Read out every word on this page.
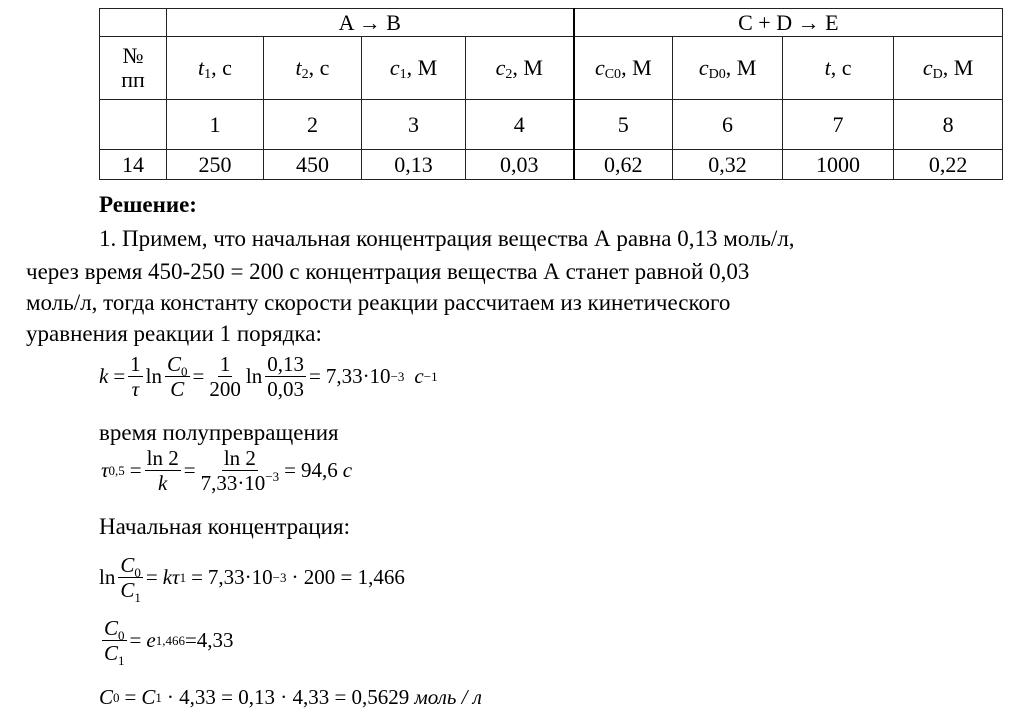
	A → B				C + D → E			
№
пп	$t_1$, с	$t_2$, с	$c_1$, М	$c_2$, М	$c_{C0}$, М	$c_{D0}$, М	t, с	$c_D$, М
	1	2	3	4	5	6	7	8
14	250	450	0,13	0,03	0,62	0,32	1000	0,22
Решение:
1. Примем, что начальная концентрация вещества А равна 0,13 моль/л,
через время 450-250 = 200 с концентрация вещества А станет равной 0,03
моль/л, тогда константу скорости реакции рассчитаем из кинетического
уравнения реакции 1 порядка:
$k = \frac{1}{\tau}$ $\ln \frac{C_0}{C} = \frac{1}{200}$ $\ln \frac{0,13}{0,03} = 7,33\cdot 10 -3$ c −1
время полупревращения
τ $0,5 = \frac{\ln 2}{k} = \frac{\ln 2}{7,33\cdot 10^{-3}} = 94,6$ c
Начальная концентрация:
$\ln \frac{C_0}{C_1} = k$ τ 1 = 7,33·10 −3 · 200 = 1,466
$\frac{C_0}{C_1} = e$ 1,466 =4,33
C 0 = C 1 · 4,33 = 0,13 · 4,33 = 0,5629 моль / л
